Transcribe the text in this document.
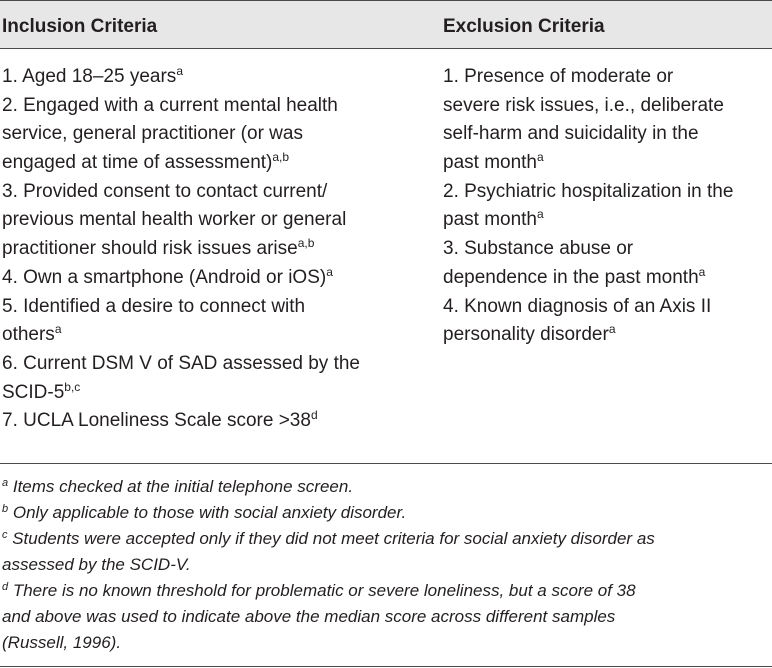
Inclusion Criteria	Exclusion Criteria
1. Aged 18–25 years$^a$
2. Engaged with a current mental health
service, general practitioner (or was
engaged at time of assessment)$^{a,b}$
3. Provided consent to contact current/
previous mental health worker or general
practitioner should risk issues arise$^{a,b}$
4. Own a smartphone (Android or iOS)$^a$
5. Identified a desire to connect with
others$^a$
6. Current DSM V of SAD assessed by the
SCID-5$^{b,c}$
7. UCLA Loneliness Scale score $>38^d$
1. Presence of moderate or
severe risk issues, i.e., deliberate
self-harm and suicidality in the
past month$^a$
2. Psychiatric hospitalization in the
past month$^a$
3. Substance abuse or
dependence in the past month$^a$
4. Known diagnosis of an Axis II
personality disorder$^a$
$^a$ Items checked at the initial telephone screen.
$^b$ Only applicable to those with social anxiety disorder.
$^c$ Students were accepted only if they did not meet criteria for social anxiety disorder as
assessed by the SCID-V.
$^d$ There is no known threshold for problematic or severe loneliness, but a score of 38
and above was used to indicate above the median score across different samples
(Russell, 1996).
